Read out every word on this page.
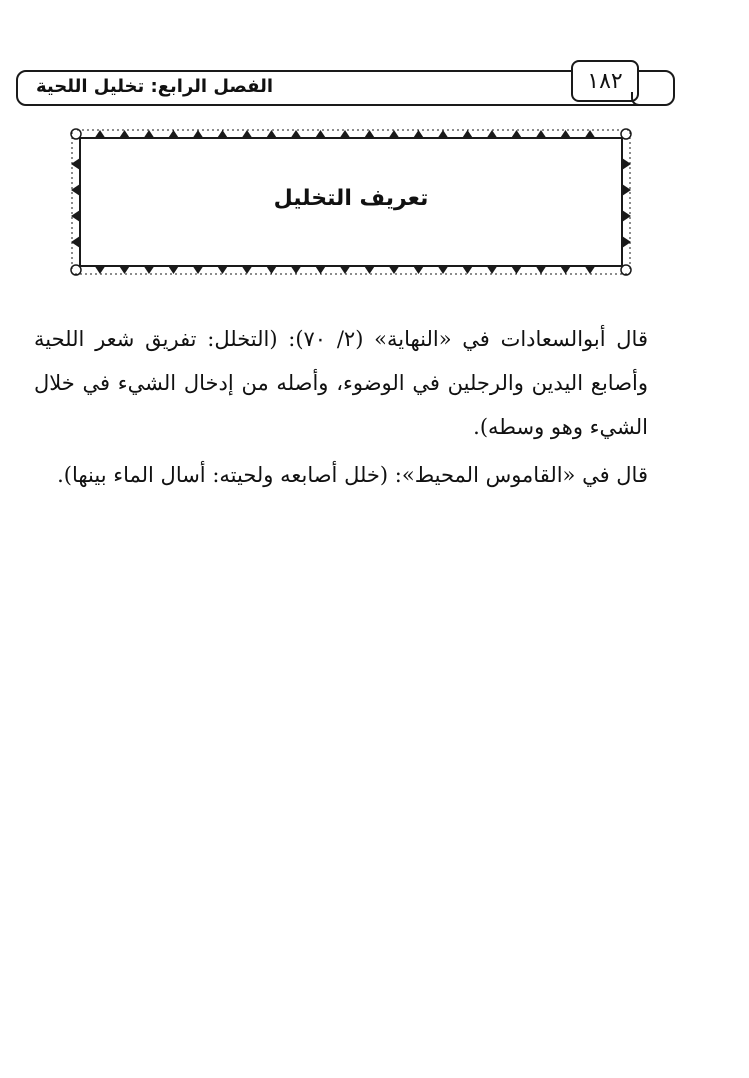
الفصل الرابع: تخليل اللحية	١٨٢
تعريف التخليل

قال أبوالسعادات في «النهاية» (٢/ ٧٠): (التخلل: تفريق شعر اللحية وأصابع اليدين والرجلين في الوضوء، وأصله من إدخال الشيء في خلال الشيء وهو وسطه).

قال في «القاموس المحيط»: (خلل أصابعه ولحيته: أسال الماء بينها).
